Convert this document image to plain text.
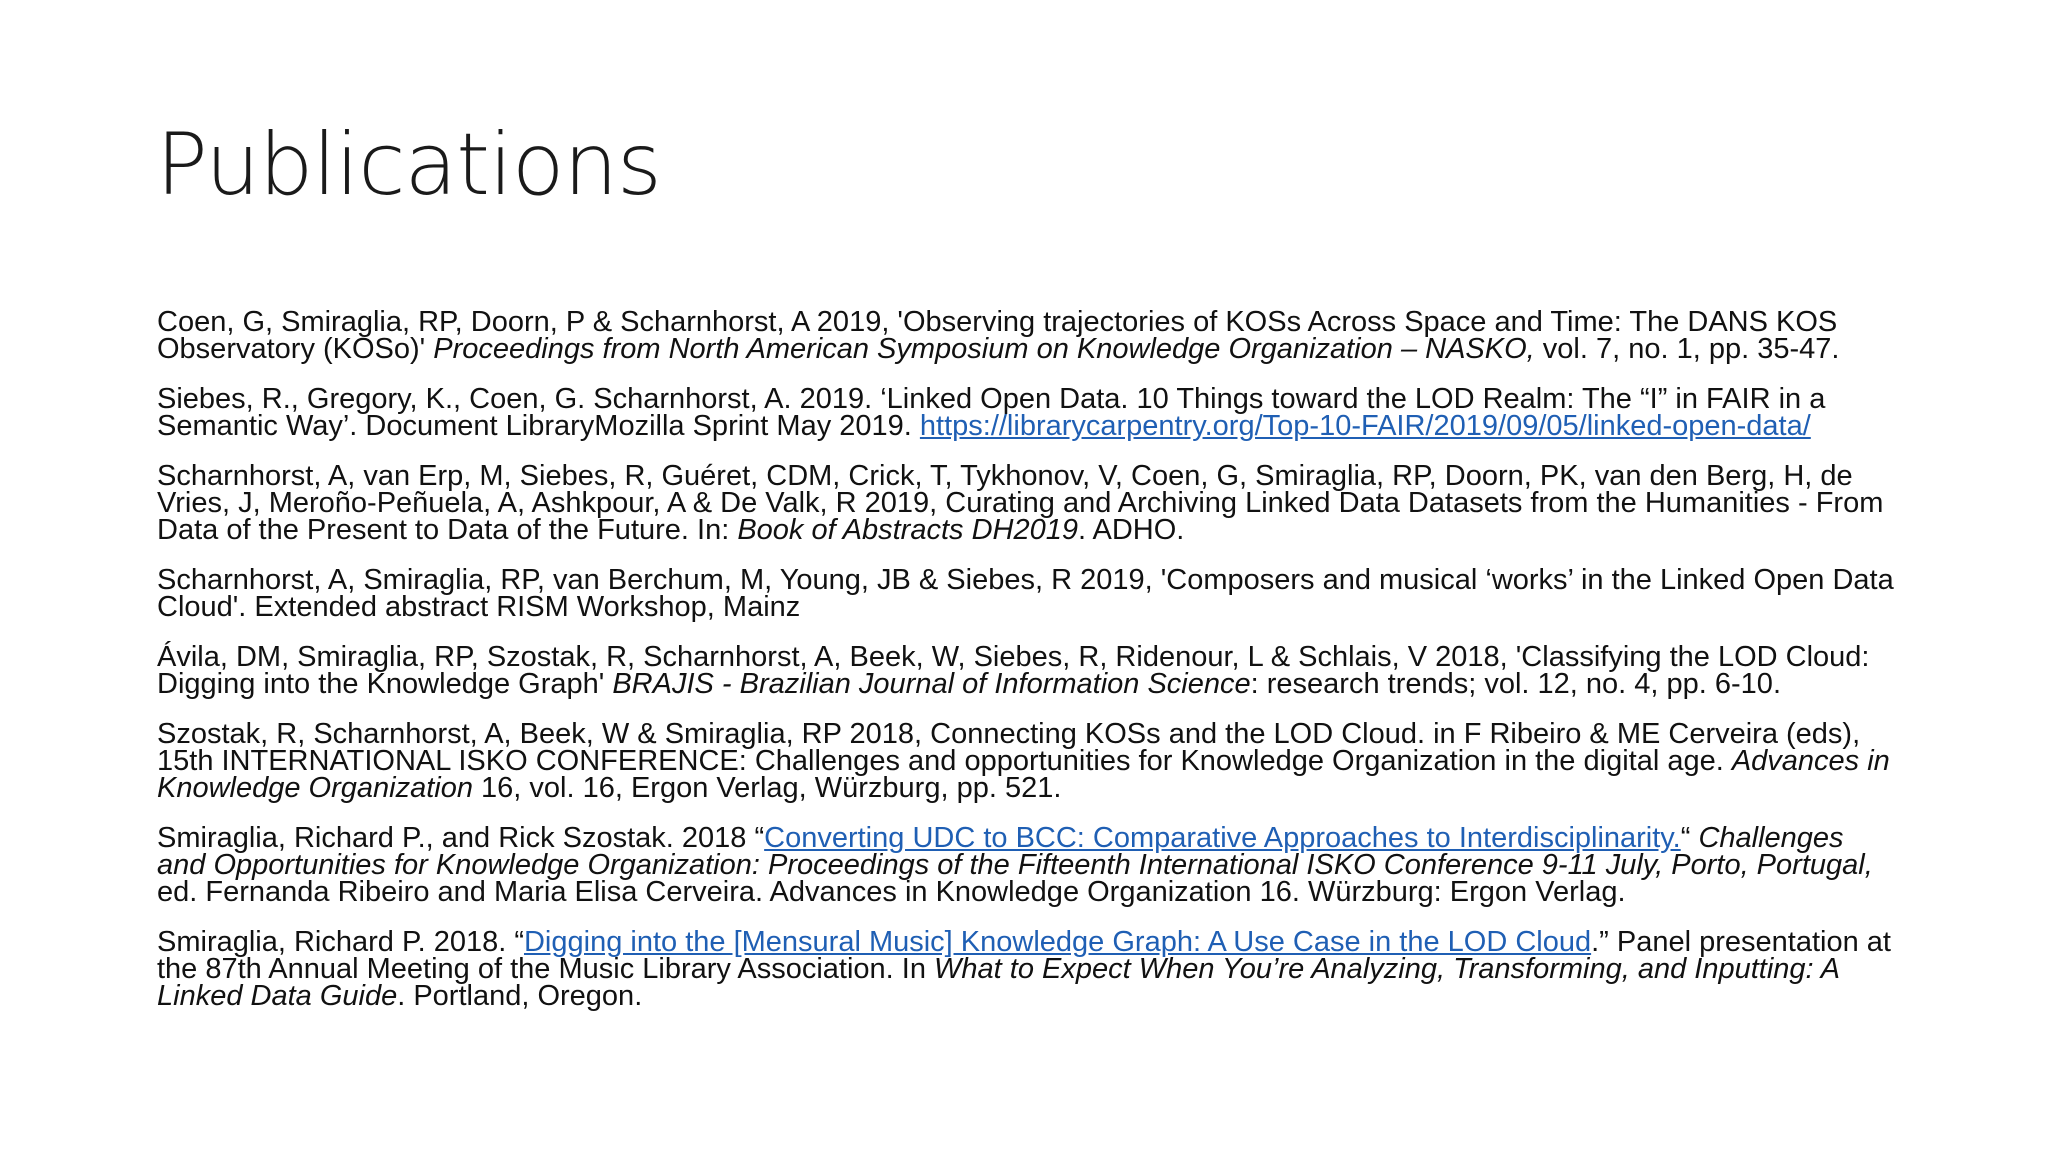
Publications

Coen, G, Smiraglia, RP, Doorn, P & Scharnhorst, A 2019, 'Observing trajectories of KOSs Across Space and Time: The DANS KOS Observatory (KOSo)' Proceedings from North American Symposium on Knowledge Organization – NASKO, vol. 7, no. 1, pp. 35-47.

Siebes, R., Gregory, K., Coen, G. Scharnhorst, A. 2019. ‘Linked Open Data. 10 Things toward the LOD Realm: The “I” in FAIR in a Semantic Way’. Document LibraryMozilla Sprint May 2019. https://librarycarpentry.org/Top-10-FAIR/2019/09/05/linked-open-data/

Scharnhorst, A, van Erp, M, Siebes, R, Guéret, CDM, Crick, T, Tykhonov, V, Coen, G, Smiraglia, RP, Doorn, PK, van den Berg, H, de Vries, J, Meroño-Peñuela, A, Ashkpour, A & De Valk, R 2019, Curating and Archiving Linked Data Datasets from the Humanities - From Data of the Present to Data of the Future. In: Book of Abstracts DH2019. ADHO.

Scharnhorst, A, Smiraglia, RP, van Berchum, M, Young, JB & Siebes, R 2019, 'Composers and musical ‘works’ in the Linked Open Data Cloud'. Extended abstract RISM Workshop, Mainz

Ávila, DM, Smiraglia, RP, Szostak, R, Scharnhorst, A, Beek, W, Siebes, R, Ridenour, L & Schlais, V 2018, 'Classifying the LOD Cloud: Digging into the Knowledge Graph' BRAJIS - Brazilian Journal of Information Science: research trends; vol. 12, no. 4, pp. 6-10.

Szostak, R, Scharnhorst, A, Beek, W & Smiraglia, RP 2018, Connecting KOSs and the LOD Cloud. in F Ribeiro & ME Cerveira (eds), 15th INTERNATIONAL ISKO CONFERENCE: Challenges and opportunities for Knowledge Organization in the digital age. Advances in Knowledge Organization 16, vol. 16, Ergon Verlag, Würzburg, pp. 521.

Smiraglia, Richard P., and Rick Szostak. 2018 “Converting UDC to BCC: Comparative Approaches to Interdisciplinarity.“ Challenges and Opportunities for Knowledge Organization: Proceedings of the Fifteenth International ISKO Conference 9-11 July, Porto, Portugal, ed. Fernanda Ribeiro and Maria Elisa Cerveira. Advances in Knowledge Organization 16. Würzburg: Ergon Verlag.

Smiraglia, Richard P. 2018. “Digging into the [Mensural Music] Knowledge Graph: A Use Case in the LOD Cloud.” Panel presentation at the 87th Annual Meeting of the Music Library Association. In What to Expect When You’re Analyzing, Transforming, and Inputting: A Linked Data Guide. Portland, Oregon.
